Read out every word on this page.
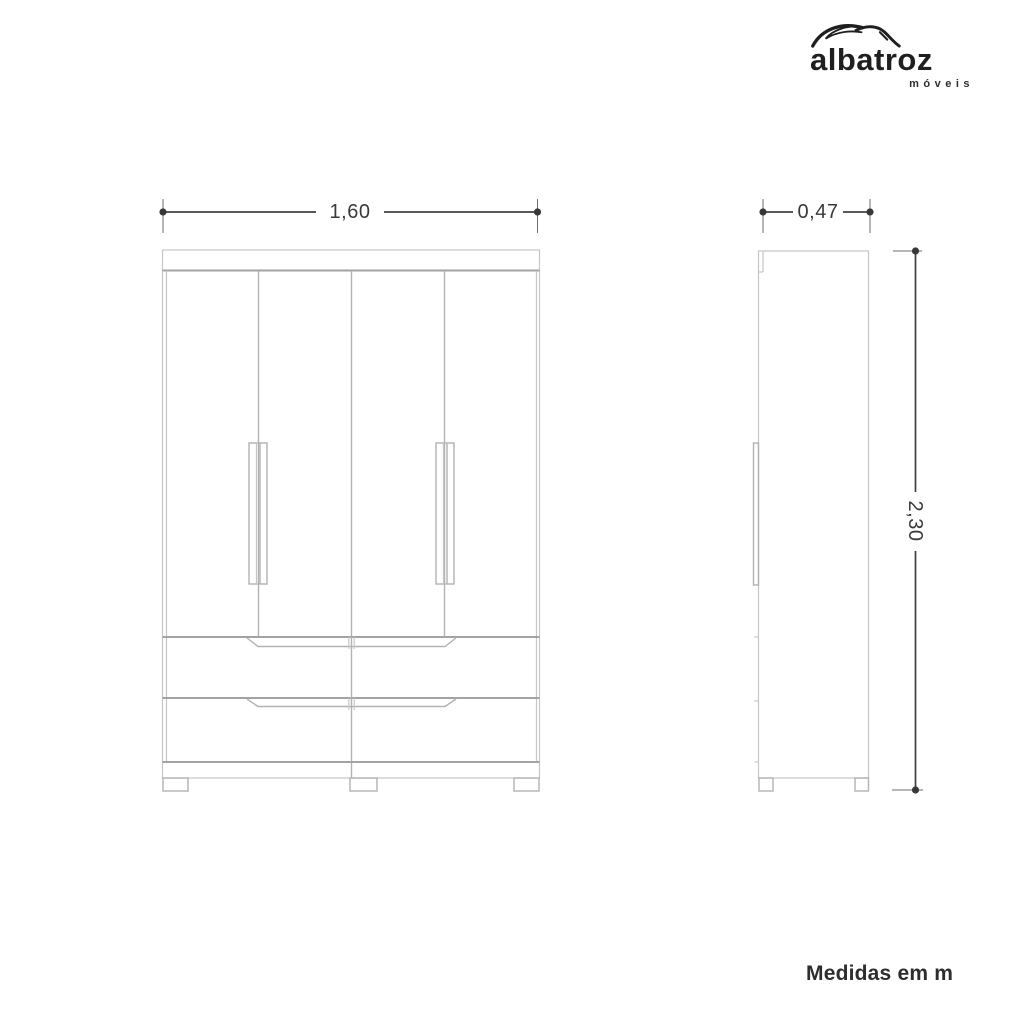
albatroz
móveis
1,60	0,47
2,30
Medidas em m
